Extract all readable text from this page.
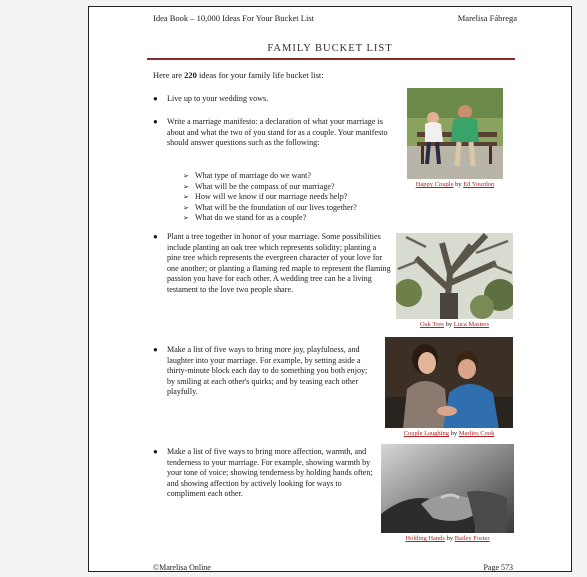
Idea Book – 10,000 Ideas For Your Bucket List	Marelisa Fábrega
FAMILY BUCKET LIST
Here are 220 ideas for your family life bucket list:
● Live up to your wedding vows.
● Write a marriage manifesto: a declaration of what your marriage is about and what the two of you stand for as a couple. Your manifesto should answer questions such as the following:
➢ What type of marriage do we want?
➢ What will be the compass of our marriage?
➢ How will we know if our marriage needs help?
➢ What will be the foundation of our lives together?
➢ What do we stand for as a couple?
● Plant a tree together in honor of your marriage. Some possibilities include planting an oak tree which represents solidity; planting a pine tree which represents the evergreen character of your love for one another; or planting a flaming red maple to represent the flaming passion you have for each other. A wedding tree can be a living testament to the love two people share.
● Make a list of five ways to bring more joy, playfulness, and laughter into your marriage. For example, by setting aside a thirty-minute block each day to do something you both enjoy; by smiling at each other's quirks; and by teasing each other playfully.
● Make a list of five ways to bring more affection, warmth, and tenderness to your marriage. For example, showing warmth by your tone of voice; showing tenderness by holding hands often; and showing affection by actively looking for ways to compliment each other.
Happy Couple by Ed Yourdon
Oak Tree by Luca Masters
Couple Laughing by Marlies Cook
Holding Hands by Bailey Foster
©Marelisa Online	Page 573
